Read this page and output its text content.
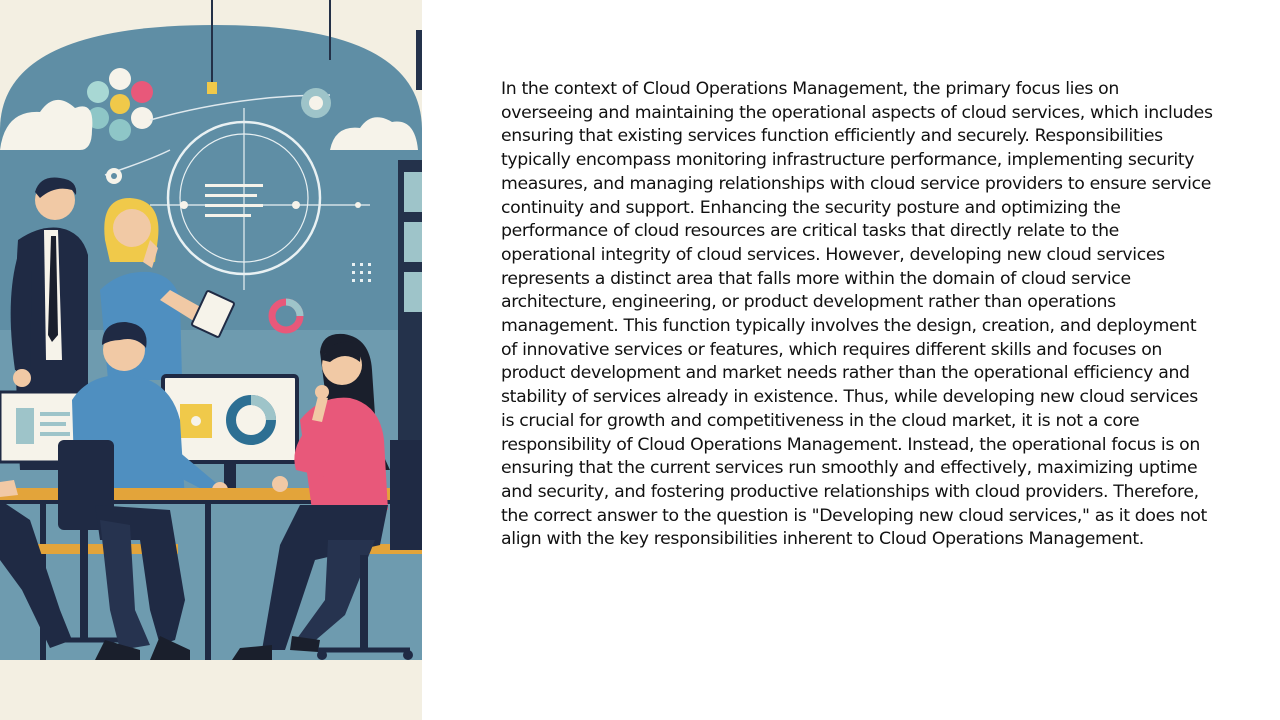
In the context of Cloud Operations Management, the primary focus lies on overseeing and maintaining the operational aspects of cloud services, which includes ensuring that existing services function efficiently and securely. Responsibilities typically encompass monitoring infrastructure performance, implementing security measures, and managing relationships with cloud service providers to ensure service continuity and support. Enhancing the security posture and optimizing the performance of cloud resources are critical tasks that directly relate to the operational integrity of cloud services. However, developing new cloud services represents a distinct area that falls more within the domain of cloud service architecture, engineering, or product development rather than operations management. This function typically involves the design, creation, and deployment of innovative services or features, which requires different skills and focuses on product development and market needs rather than the operational efficiency and stability of services already in existence. Thus, while developing new cloud services is crucial for growth and competitiveness in the cloud market, it is not a core responsibility of Cloud Operations Management. Instead, the operational focus is on ensuring that the current services run smoothly and effectively, maximizing uptime and security, and fostering productive relationships with cloud providers. Therefore, the correct answer to the question is "Developing new cloud services," as it does not align with the key responsibilities inherent to Cloud Operations Management.
